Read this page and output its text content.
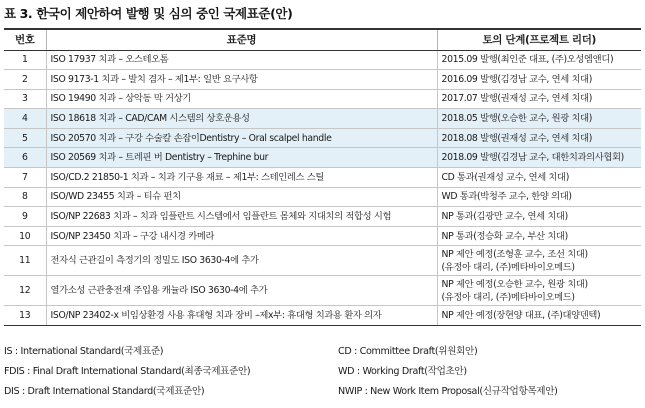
표 3. 한국이 제안하여 발행 및 심의 중인 국제표준(안)
번호	표준명	토의 단계(프로젝트 리더)
1	ISO 17937 치과 – 오스테오톰	2015.09 발행(최인준 대표, (주)오성엠앤디)

2	ISO 9173-1 치과 – 발치 겸자 – 제1부: 일반 요구사항	2016.09 발행(김경남 교수, 연세 치대)

3	ISO 19490 치과 – 상악동 막 거상기	2017.07 발행(권재성 교수, 연세 치대)

4	ISO 18618 치과 – CAD/CAM 시스템의 상호운용성	2018.05 발행(오승한 교수, 원광 치대)

5	ISO 20570 치과 – 구강 수술칼 손잡이Dentistry – Oral scalpel handle	2018.08 발행(권재성 교수, 연세 치대)

6	ISO 20569 치과 – 트레핀 버 Dentistry – Trephine bur	2018.09 발행(김경남 교수, 대한치과의사협회)

7	ISO/CD.2 21850-1 치과 – 치과 기구용 재료 – 제1부: 스테인레스 스틸	CD 통과(권재성 교수, 연세 치대)

8	ISO/WD 23455 치과 – 티슈 펀치	WD 통과(박청주 교수, 한양 의대)

9	ISO/NP 22683 치과 – 치과 임플란트 시스템에서 임플란트 몸체와 지대치의 적합성 시험	NP 통과(김광만 교수, 연세 치대)

10	ISO/NP 23450 치과 – 구강 내시경 카메라	NP 통과(정승화 교수, 부산 치대)

11	전자식 근관길이 측정기의 정밀도 ISO 3630-4에 추가	NP 제안 예정(조형훈 교수, 조선 치대)
(유정아 대리, (주)메타바이오메드)

12	열가소성 근관충전재 주입용 캐뉼라 ISO 3630-4에 추가	NP 제안 예정(오승한 교수, 원광 치대)
(유정아 대리, (주)메타바이오메드)

13	ISO/NP 23402-x 비임상환경 사용 휴대형 치과 장비 –제x부: 휴대형 치과용 환자 의자	NP 제안 예정(장현양 대표, (주)대양덴텍)
IS : International Standard(국제표준)	CD : Committee Draft(위원회안)
FDIS : Final Draft International Standard(최종국제표준안)	WD : Working Draft(작업초안)
DIS : Draft International Standard(국제표준안)	NWIP : New Work Item Proposal(신규작업항목제안)
